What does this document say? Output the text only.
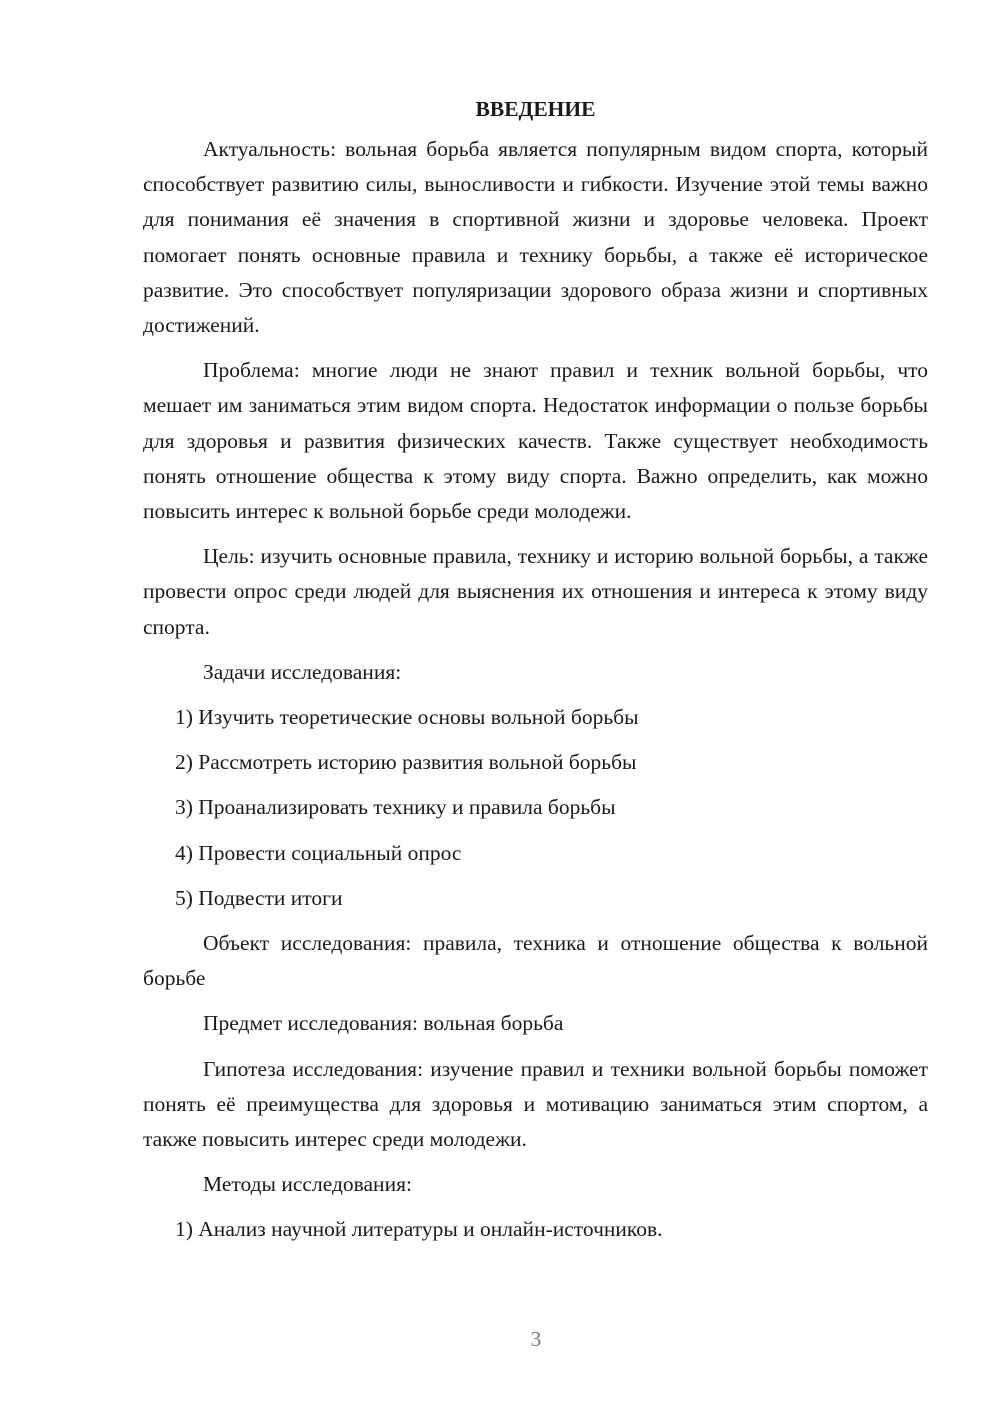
ВВЕДЕНИЕ

Актуальность: вольная борьба является популярным видом спорта, который способствует развитию силы, выносливости и гибкости. Изучение этой темы важно для понимания её значения в спортивной жизни и здоровье человека. Проект помогает понять основные правила и технику борьбы, а также её историческое развитие. Это способствует популяризации здорового образа жизни и спортивных достижений.

Проблема: многие люди не знают правил и техник вольной борьбы, что мешает им заниматься этим видом спорта. Недостаток информации о пользе борьбы для здоровья и развития физических качеств. Также существует необходимость понять отношение общества к этому виду спорта. Важно определить, как можно повысить интерес к вольной борьбе среди молодежи.

Цель: изучить основные правила, технику и историю вольной борьбы, а также провести опрос среди людей для выяснения их отношения и интереса к этому виду спорта.

Задачи исследования:
1) Изучить теоретические основы вольной борьбы
2) Рассмотреть историю развития вольной борьбы
3) Проанализировать технику и правила борьбы
4) Провести социальный опрос
5) Подвести итоги

Объект исследования: правила, техника и отношение общества к вольной борьбе

Предмет исследования: вольная борьба

Гипотеза исследования: изучение правил и техники вольной борьбы поможет понять её преимущества для здоровья и мотивацию заниматься этим спортом, а также повысить интерес среди молодежи.

Методы исследования:
1) Анализ научной литературы и онлайн-источников.
3
